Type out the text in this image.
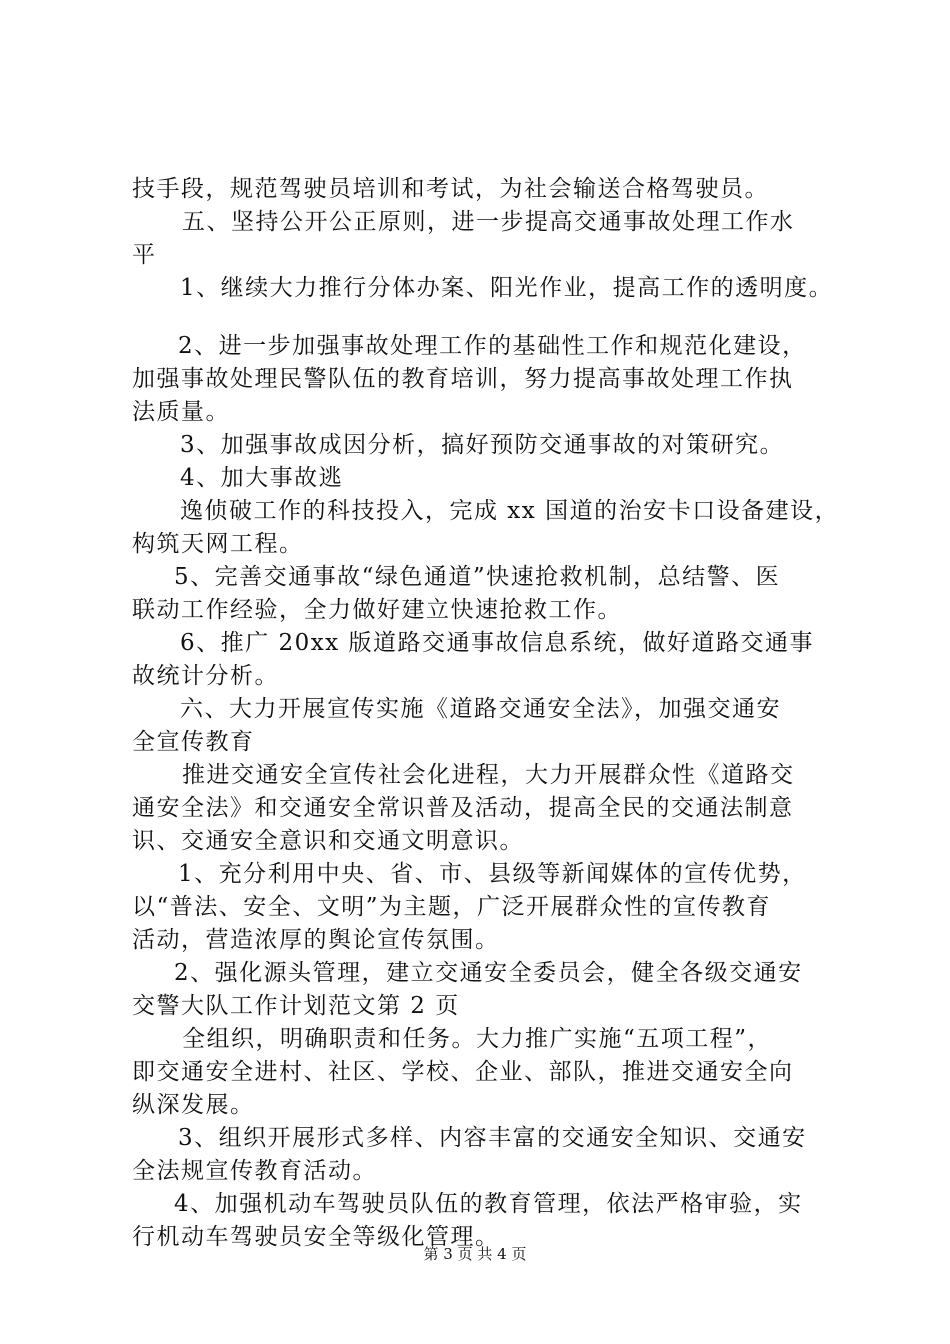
技手段，规范驾驶员培训和考试，为社会输送合格驾驶员。
五、坚持公开公正原则，进一步提高交通事故处理工作水
平
1、继续大力推行分体办案、阳光作业，提高工作的透明度。
2、进一步加强事故处理工作的基础性工作和规范化建设，
加强事故处理民警队伍的教育培训，努力提高事故处理工作执
法质量。
3、加强事故成因分析，搞好预防交通事故的对策研究。
4、加大事故逃
逸侦破工作的科技投入，完成 xx 国道的治安卡口设备建设，
构筑天网工程。
5、完善交通事故“绿色通道”快速抢救机制，总结警、医
联动工作经验，全力做好建立快速抢救工作。
6、推广 20xx 版道路交通事故信息系统，做好道路交通事
故统计分析。
六、大力开展宣传实施《道路交通安全法》，加强交通安
全宣传教育
推进交通安全宣传社会化进程，大力开展群众性《道路交
通安全法》和交通安全常识普及活动，提高全民的交通法制意
识、交通安全意识和交通文明意识。
1、充分利用中央、省、市、县级等新闻媒体的宣传优势，
以“普法、安全、文明”为主题，广泛开展群众性的宣传教育
活动，营造浓厚的舆论宣传氛围。
2、强化源头管理，建立交通安全委员会，健全各级交通安
交警大队工作计划范文第 2 页
全组织，明确职责和任务。大力推广实施“五项工程”，
即交通安全进村、社区、学校、企业、部队，推进交通安全向
纵深发展。
3、组织开展形式多样、内容丰富的交通安全知识、交通安
全法规宣传教育活动。
4、加强机动车驾驶员队伍的教育管理，依法严格审验，实
行机动车驾驶员安全等级化管理。
第 3 页 共 4 页
